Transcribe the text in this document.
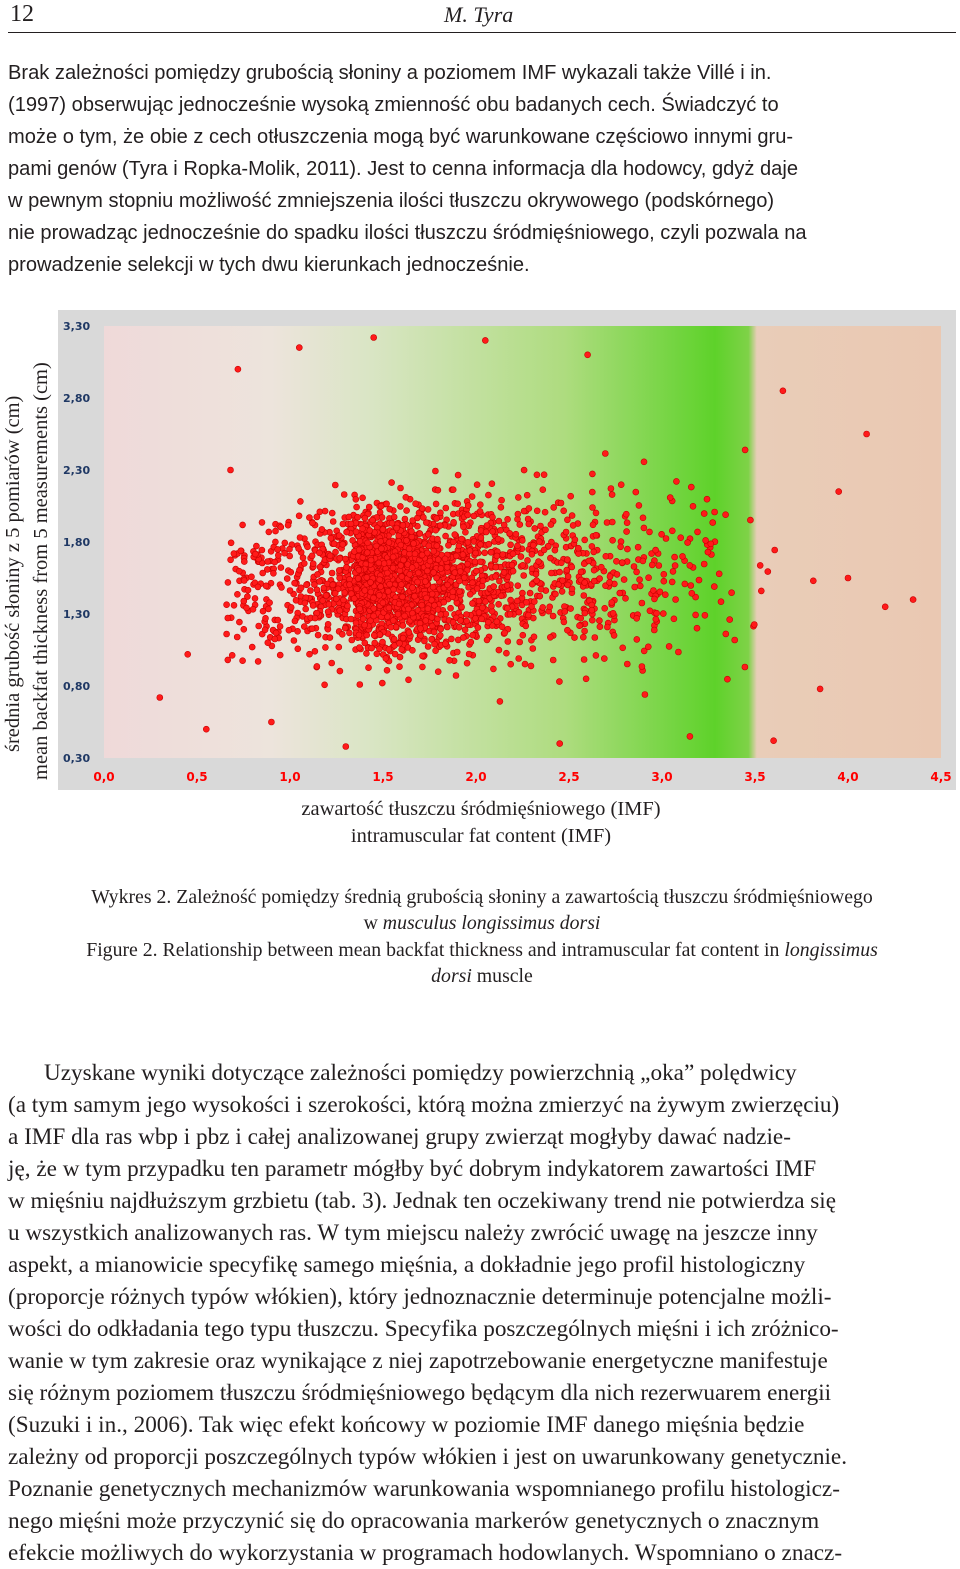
12	M. Tyra
Brak zależności pomiędzy grubością słoniny a poziomem IMF wykazali także Villé i in.
(1997) obserwując jednocześnie wysoką zmienność obu badanych cech. Świadczyć to
może o tym, że obie z cech otłuszczenia mogą być warunkowane częściowo innymi gru-
pami genów (Tyra i Ropka-Molik, 2011). Jest to cenna informacja dla hodowcy, gdyż daje
w pewnym stopniu możliwość zmniejszenia ilości tłuszczu okrywowego (podskórnego)
nie prowadząc jednocześnie do spadku ilości tłuszczu śródmięśniowego, czyli pozwala na
prowadzenie selekcji w tych dwu kierunkach jednocześnie.
średnia grubość słoniny z 5 pomiarów (cm) mean backfat thickness from 5 measurements (cm) 0,30
0,80
1,30
1,80
2,30
2,80
3,30
0,0	0,5	1,0	1,5	2,0	2,5	3,0	3,5	4,0	4,5
zawartość tłuszczu śródmięśniowego (IMF)
intramuscular fat content (IMF)
Wykres 2. Zależność pomiędzy średnią grubością słoniny a zawartością tłuszczu śródmięśniowego
w musculus longissimus dorsi
Figure 2. Relationship between mean backfat thickness and intramuscular fat content in longissimus
dorsi muscle
Uzyskane wyniki dotyczące zależności pomiędzy powierzchnią „oka” polędwicy
(a tym samym jego wysokości i szerokości, którą można zmierzyć na żywym zwierzęciu)
a IMF dla ras wbp i pbz i całej analizowanej grupy zwierząt mogłyby dawać nadzie-
ję, że w tym przypadku ten parametr mógłby być dobrym indykatorem zawartości IMF
w mięśniu najdłuższym grzbietu (tab. 3). Jednak ten oczekiwany trend nie potwierdza się
u wszystkich analizowanych ras. W tym miejscu należy zwrócić uwagę na jeszcze inny
aspekt, a mianowicie specyfikę samego mięśnia, a dokładnie jego profil histologiczny
(proporcje różnych typów włókien), który jednoznacznie determinuje potencjalne możli-
wości do odkładania tego typu tłuszczu. Specyfika poszczególnych mięśni i ich zróżnico-
wanie w tym zakresie oraz wynikające z niej zapotrzebowanie energetyczne manifestuje
się różnym poziomem tłuszczu śródmięśniowego będącym dla nich rezerwuarem energii
(Suzuki i in., 2006). Tak więc efekt końcowy w poziomie IMF danego mięśnia będzie
zależny od proporcji poszczególnych typów włókien i jest on uwarunkowany genetycznie.
Poznanie genetycznych mechanizmów warunkowania wspomnianego profilu histologicz-
nego mięśni może przyczynić się do opracowania markerów genetycznych o znacznym
efekcie możliwych do wykorzystania w programach hodowlanych. Wspomniano o znacz-
